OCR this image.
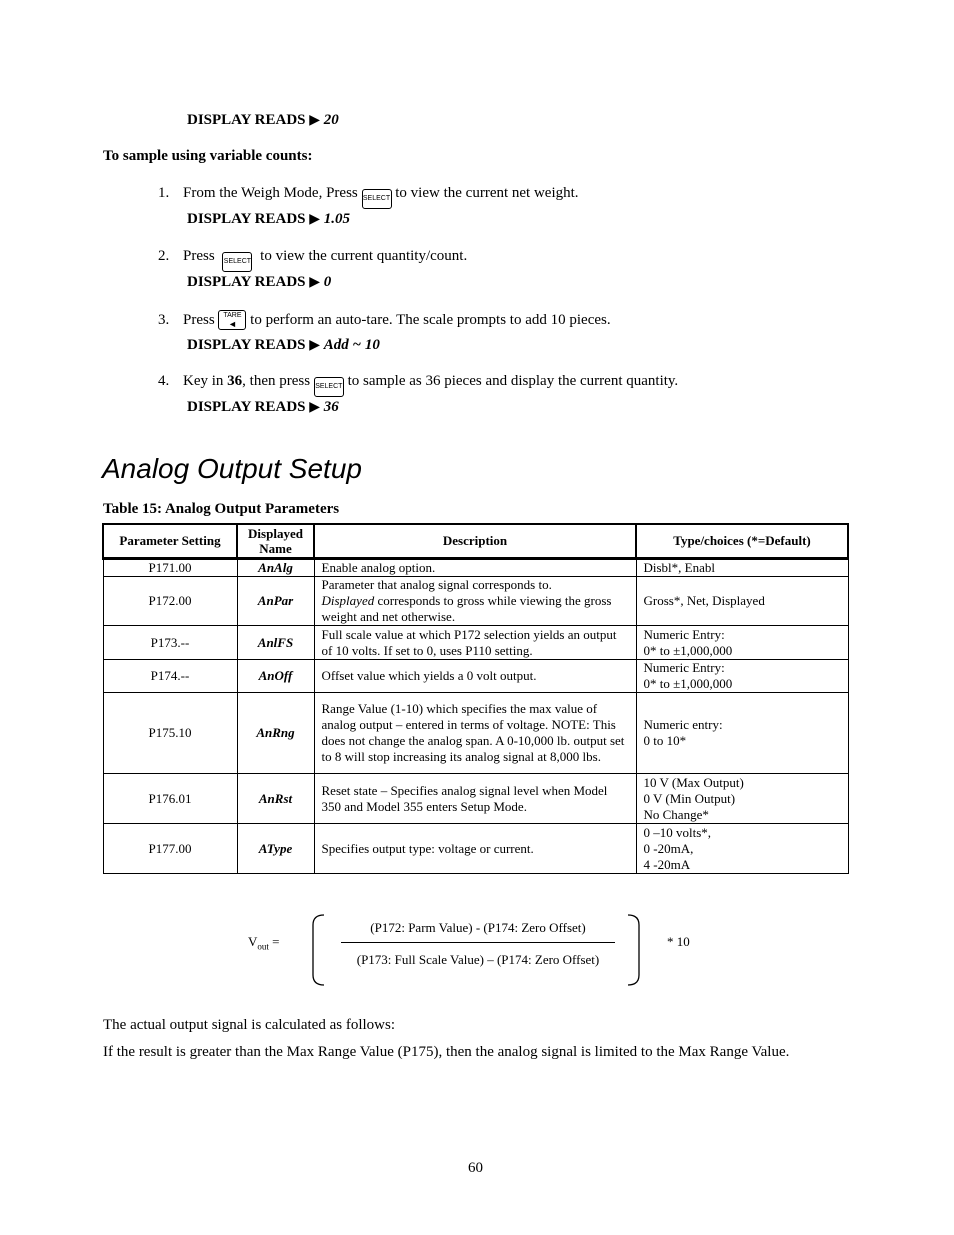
DISPLAY READS ▶ 20
To sample using variable counts:
1. From the Weigh Mode, Press SELECT to view the current net weight.
DISPLAY READS ▶ 1.05
2. Press SELECT to view the current quantity/count.
DISPLAY READS ▶ 0
3. Press TARE
◄ to perform an auto-tare. The scale prompts to add 10 pieces.
DISPLAY READS ▶ Add ~ 10
4. Key in 36, then press SELECT to sample as 36 pieces and display the current quantity.
DISPLAY READS ▶ 36
Analog Output Setup
Table 15: Analog Output Parameters
Parameter Setting	Displayed Name	Description	Type/choices (*=Default)
P171.00	AnAlg	Enable analog option.	Disbl*, Enabl
P172.00	AnPar	Parameter that analog signal corresponds to.
Displayed corresponds to gross while viewing the gross weight and net otherwise.	Gross*, Net, Displayed
P173.--	AnlFS	Full scale value at which P172 selection yields an output of 10 volts. If set to 0, uses P110 setting.	Numeric Entry:
0* to ±1,000,000
P174.--	AnOff	Offset value which yields a 0 volt output.	Numeric Entry:
0* to ±1,000,000
P175.10	AnRng	Range Value (1-10) which specifies the max value of analog output – entered in terms of voltage. NOTE: This does not change the analog span. A 0-10,000 lb. output set to 8 will stop increasing its analog signal at 8,000 lbs.	Numeric entry:
0 to 10*
P176.01	AnRst	Reset state – Specifies analog signal level when Model 350 and Model 355 enters Setup Mode.	10 V (Max Output)
0 V (Min Output)
No Change*
P177.00	AType	Specifies output type: voltage or current.	0 –10 volts*,
0 -20mA,
4 -20mA
$V_{out}$ =
(P172: Parm Value) - (P174: Zero Offset)
(P173: Full Scale Value) – (P174: Zero Offset)
* 10
The actual output signal is calculated as follows:
If the result is greater than the Max Range Value (P175), then the analog signal is limited to the Max Range Value.
60
